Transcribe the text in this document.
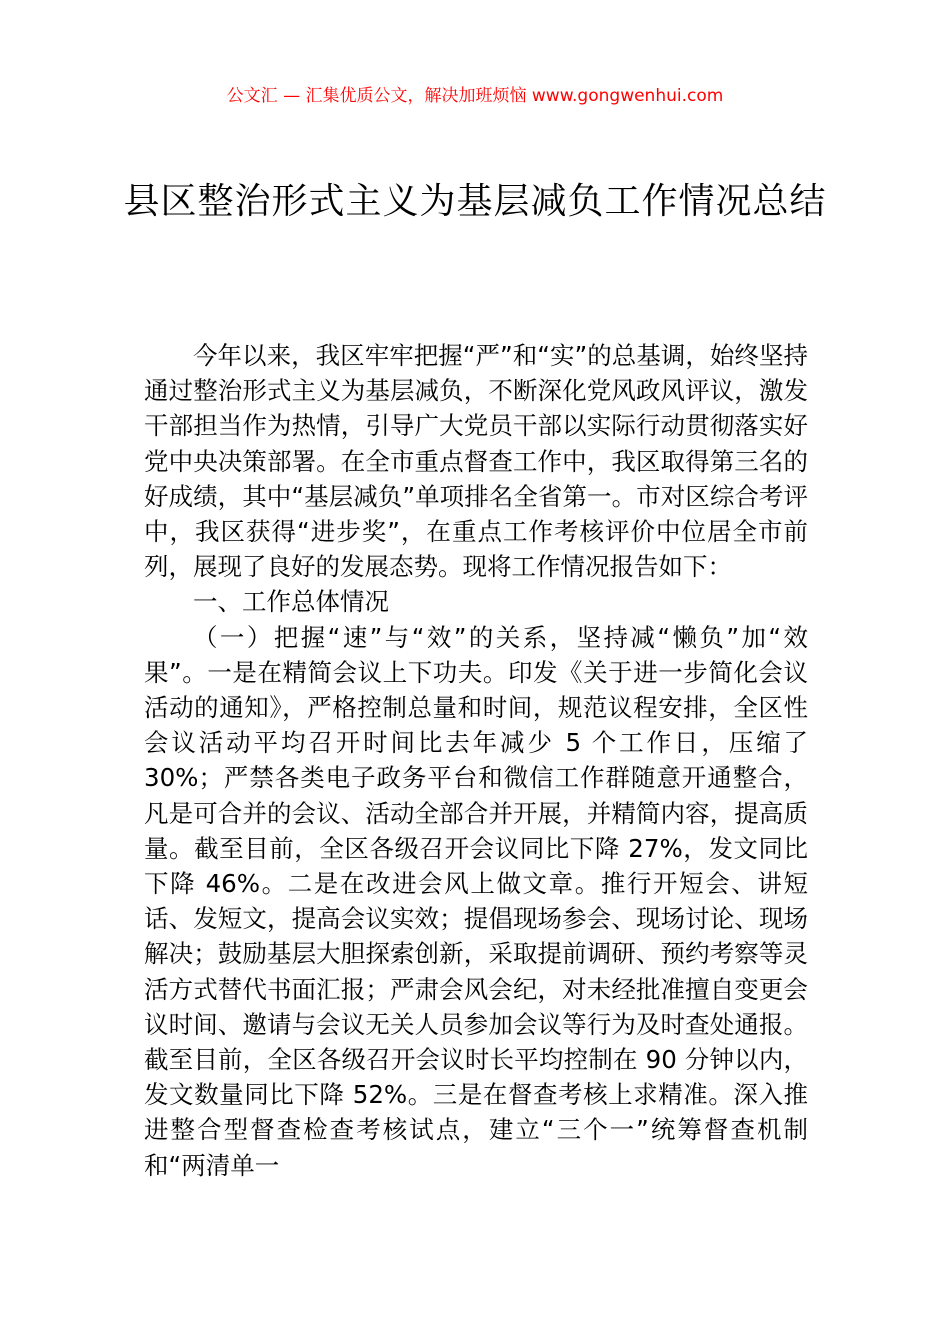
公文汇 — 汇集优质公文，解决加班烦恼 www.gongwenhui.com
县区整治形式主义为基层减负工作情况总结

今年以来，我区牢牢把握“严”和“实”的总基调，始终坚持通过整治形式主义为基层减负，不断深化党风政风评议，激发干部担当作为热情，引导广大党员干部以实际行动贯彻落实好党中央决策部署。在全市重点督查工作中，我区取得第三名的好成绩，其中“基层减负”单项排名全省第一。市对区综合考评中，我区获得“进步奖”，在重点工作考核评价中位居全市前列，展现了良好的发展态势。现将工作情况报告如下：

一、工作总体情况

（一）把握“速”与“效”的关系，坚持减“懒负”加“效果”。一是在精简会议上下功夫。印发《关于进一步简化会议活动的通知》，严格控制总量和时间，规范议程安排，全区性会议活动平均召开时间比去年减少 5 个工作日，压缩了 30%；严禁各类电子政务平台和微信工作群随意开通整合，凡是可合并的会议、活动全部合并开展，并精简内容，提高质量。截至目前，全区各级召开会议同比下降 27%，发文同比下降 46%。二是在改进会风上做文章。推行开短会、讲短话、发短文，提高会议实效；提倡现场参会、现场讨论、现场解决；鼓励基层大胆探索创新，采取提前调研、预约考察等灵活方式替代书面汇报；严肃会风会纪，对未经批准擅自变更会议时间、邀请与会议无关人员参加会议等行为及时查处通报。截至目前，全区各级召开会议时长平均控制在 90 分钟以内，发文数量同比下降 52%。三是在督查考核上求精准。深入推进整合型督查检查考核试点，建立“三个一”统筹督查机制和“两清单一
